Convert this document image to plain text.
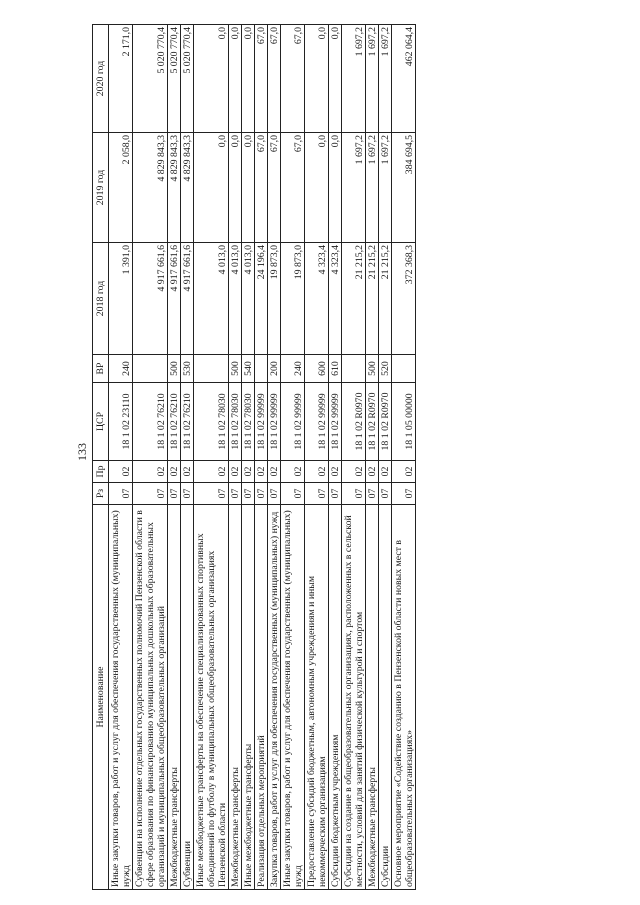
133
Наименование	Рз	Пр	ЦСР	ВР	2018 год	2019 год	2020 год
Иные закупки товаров, работ и услуг для обеспечения государственных (муниципальных) нужд	07	02	18 1 02 23110	240	1 391,0	2 058,0	2 171,0
Субвенции на исполнение отдельных государственных полномочий Пензенской области в сфере образования по финансированию муниципальных дошкольных образовательных организаций и муниципальных общеобразовательных организаций	07	02	18 1 02 76210		4 917 661,6	4 829 843,3	5 020 770,4
Межбюджетные трансферты	07	02	18 1 02 76210	500	4 917 661,6	4 829 843,3	5 020 770,4
Субвенции	07	02	18 1 02 76210	530	4 917 661,6	4 829 843,3	5 020 770,4
Иные межбюджетные трансферты на обеспечение специализированных спортивных объединений по футболу в муниципальных общеобразовательных организациях Пензенской области	07	02	18 1 02 78030		4 013,0	0,0	0,0
Межбюджетные трансферты	07	02	18 1 02 78030	500	4 013,0	0,0	0,0
Иные межбюджетные трансферты	07	02	18 1 02 78030	540	4 013,0	0,0	0,0
Реализация отдельных мероприятий	07	02	18 1 02 99999		24 196,4	67,0	67,0
Закупка товаров, работ и услуг для обеспечения государственных (муниципальных) нужд	07	02	18 1 02 99999	200	19 873,0	67,0	67,0
Иные закупки товаров, работ и услуг для обеспечения государственных (муниципальных) нужд	07	02	18 1 02 99999	240	19 873,0	67,0	67,0
Предоставление субсидий бюджетным, автономным учреждениям и иным некоммерческим организациям	07	02	18 1 02 99999	600	4 323,4	0,0	0,0
Субсидии бюджетным учреждениям	07	02	18 1 02 99999	610	4 323,4	0,0	0,0
Субсидии на создание в общеобразовательных организациях, расположенных в сельской местности, условий для занятий физической культурой и спортом	07	02	18 1 02 R0970		21 215,2	1 697,2	1 697,2
Межбюджетные трансферты	07	02	18 1 02 R0970	500	21 215,2	1 697,2	1 697,2
Субсидии	07	02	18 1 02 R0970	520	21 215,2	1 697,2	1 697,2
Основное мероприятие «Содействие созданию в Пензенской области новых мест в общеобразовательных организациях»	07	02	18 1 05 00000		372 368,3	384 694,5	462 064,4
